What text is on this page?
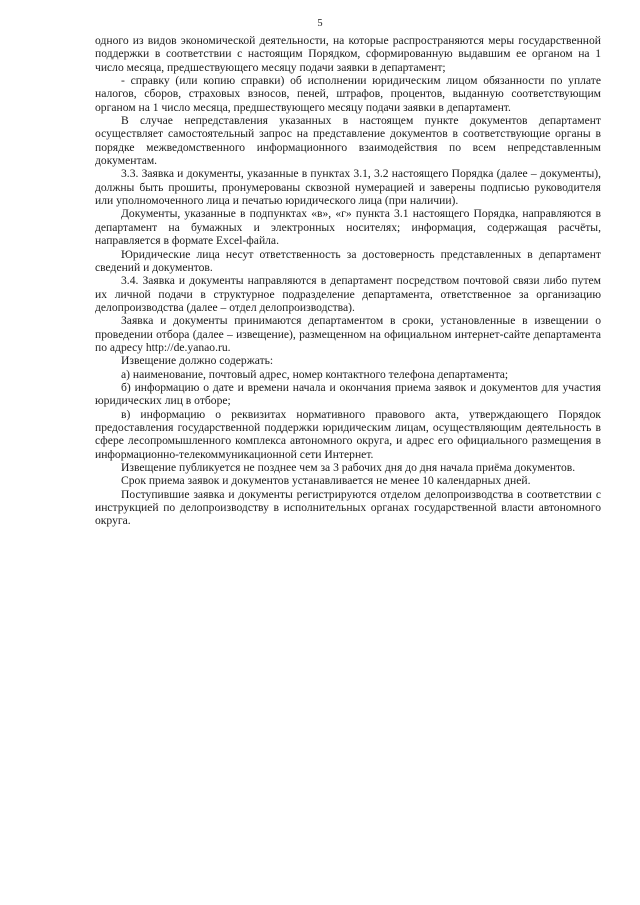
5

одного из видов экономической деятельности, на которые распространяются меры государственной поддержки в соответствии с настоящим Порядком, сформированную выдавшим ее органом на 1 число месяца, предшествующего месяцу подачи заявки в департамент;

- справку (или копию справки) об исполнении юридическим лицом обязанности по уплате налогов, сборов, страховых взносов, пеней, штрафов, процентов, выданную соответствующим органом на 1 число месяца, предшествующего месяцу подачи заявки в департамент.

В случае непредставления указанных в настоящем пункте документов департамент осуществляет самостоятельный запрос на представление документов в соответствующие органы в порядке межведомственного информационного взаимодействия по всем непредставленным документам.

3.3. Заявка и документы, указанные в пунктах 3.1, 3.2 настоящего Порядка (далее – документы), должны быть прошиты, пронумерованы сквозной нумерацией и заверены подписью руководителя или уполномоченного лица и печатью юридического лица (при наличии).

Документы, указанные в подпунктах «в», «г» пункта 3.1 настоящего Порядка, направляются в департамент на бумажных и электронных носителях; информация, содержащая расчёты, направляется в формате Excel-файла.

Юридические лица несут ответственность за достоверность представленных в департамент сведений и документов.

3.4. Заявка и документы направляются в департамент посредством почтовой связи либо путем их личной подачи в структурное подразделение департамента, ответственное за организацию делопроизводства (далее – отдел делопроизводства).

Заявка и документы принимаются департаментом в сроки, установленные в извещении о проведении отбора (далее – извещение), размещенном на официальном интернет-сайте департамента по адресу http://de.yanao.ru.

Извещение должно содержать:

а) наименование, почтовый адрес, номер контактного телефона департамента;

б) информацию о дате и времени начала и окончания приема заявок и документов для участия юридических лиц в отборе;

в) информацию о реквизитах нормативного правового акта, утверждающего Порядок предоставления государственной поддержки юридическим лицам, осуществляющим деятельность в сфере лесопромышленного комплекса автономного округа, и адрес его официального размещения в информационно-телекоммуникационной сети Интернет.

Извещение публикуется не позднее чем за 3 рабочих дня до дня начала приёма документов.

Срок приема заявок и документов устанавливается не менее 10 календарных дней.

Поступившие заявка и документы регистрируются отделом делопроизводства в соответствии с инструкцией по делопроизводству в исполнительных органах государственной власти автономного округа.
